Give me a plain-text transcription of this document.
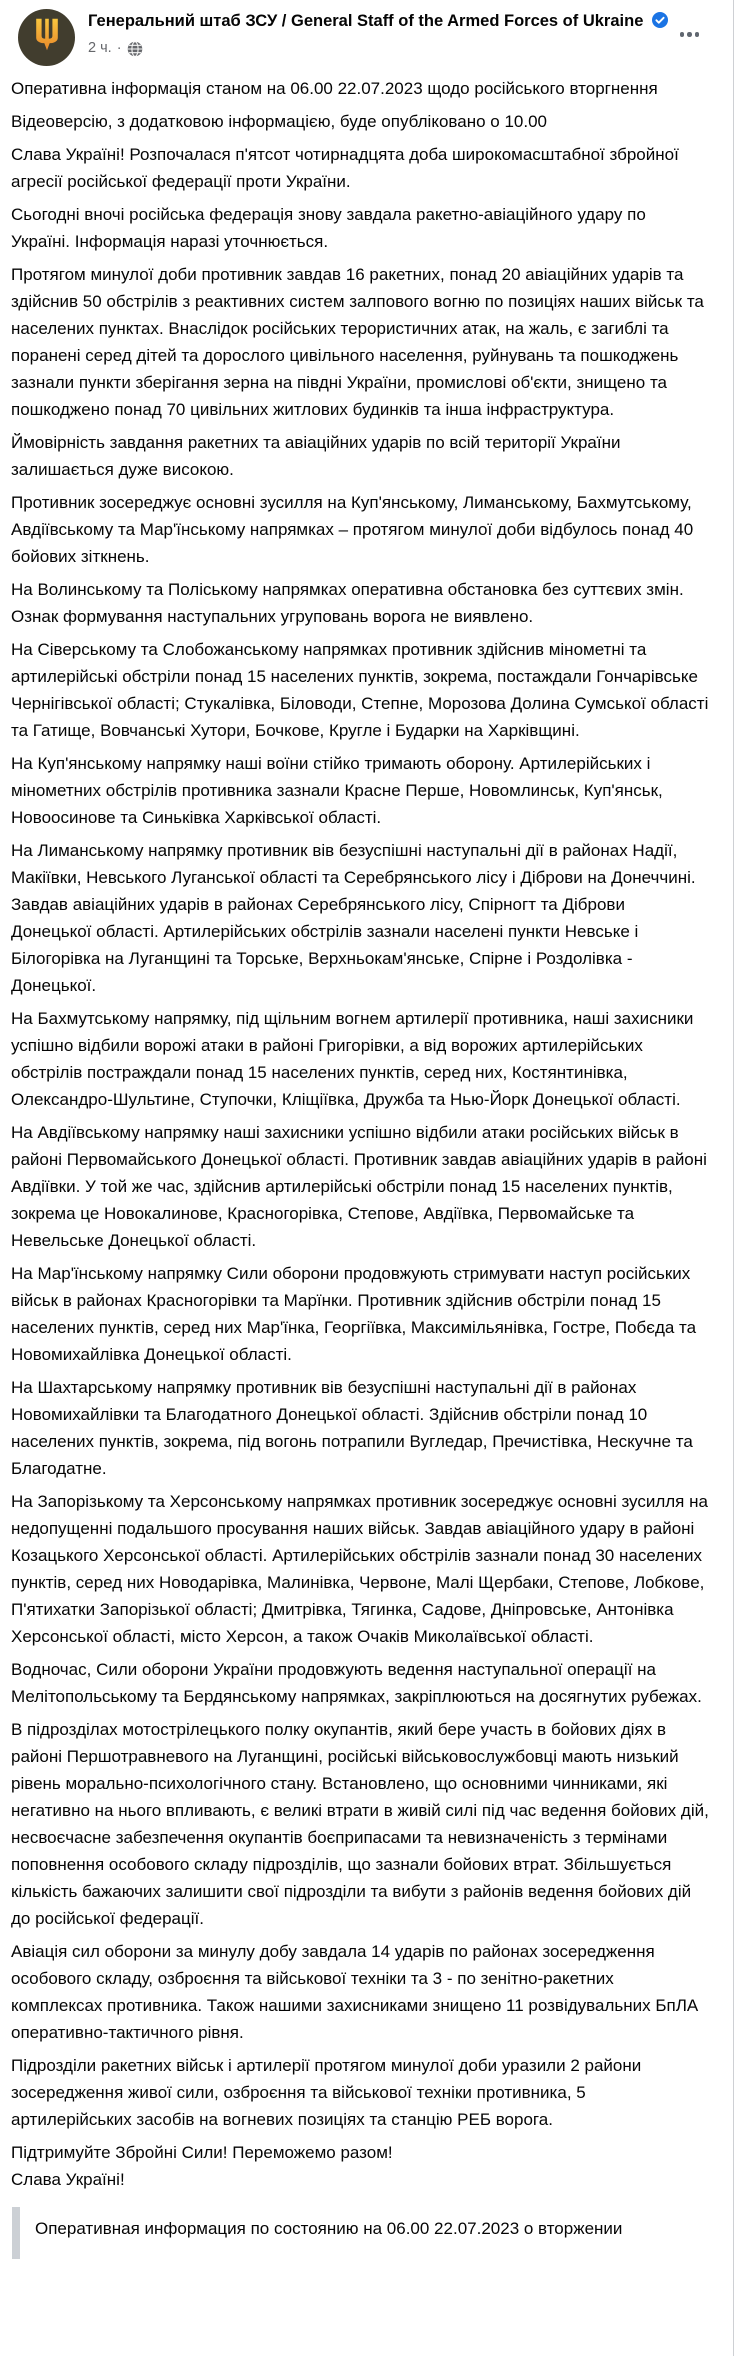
Генеральний штаб ЗСУ / General Staff of the Armed Forces of Ukraine
2 ч. ·

Оперативна інформація станом на 06.00 22.07.2023 щодо російського вторгнення

Відеоверсію, з додатковою інформацією, буде опубліковано о 10.00

Слава Україні! Розпочалася п'ятсот чотирнадцята доба широкомасштабної збройної агресії російської федерації проти України.

Сьогодні вночі російська федерація знову завдала ракетно-авіаційного удару по Україні. Інформація наразі уточнюється.

Протягом минулої доби противник завдав 16 ракетних, понад 20 авіаційних ударів та здійснив 50 обстрілів з реактивних систем залпового вогню по позиціях наших військ та населених пунктах. Внаслідок російських терористичних атак, на жаль, є загиблі та поранені серед дітей та дорослого цивільного населення, руйнувань та пошкоджень зазнали пункти зберігання зерна на півдні України, промислові об'єкти, знищено та пошкоджено понад 70 цивільних житлових будинків та інша інфраструктура.

Ймовірність завдання ракетних та авіаційних ударів по всій території України залишається дуже високою.

Противник зосереджує основні зусилля на Куп'янському, Лиманському, Бахмутському, Авдіївському та Мар'їнському напрямках – протягом минулої доби відбулось понад 40 бойових зіткнень.

На Волинському та Поліському напрямках оперативна обстановка без суттєвих змін. Ознак формування наступальних угруповань ворога не виявлено.

На Сіверському та Слобожанському напрямках противник здійснив мінометні та артилерійські обстріли понад 15 населених пунктів, зокрема, постаждали Гончарівське Чернігівської області; Стукалівка, Біловоди, Степне, Морозова Долина Сумської області та Гатище, Вовчанські Хутори, Бочкове, Кругле і Бударки на Харківщині.

На Куп'янському напрямку наші воїни стійко тримають оборону. Артилерійських і мінометних обстрілів противника зазнали Красне Перше, Новомлинськ, Куп'янськ, Новоосинове та Синьківка Харківської області.

На Лиманському напрямку противник вів безуспішні наступальні дії в районах Надії, Макіївки, Невського Луганської області та Серебрянського лісу і Діброви на Донеччині. Завдав авіаційних ударів в районах Серебрянського лісу, Спірногт та Діброви Донецької області. Артилерійських обстрілів зазнали населені пункти Невське і Білогорівка на Луганщині та Торське, Верхньокам'янське, Спірне і Роздолівка - Донецької.

На Бахмутському напрямку, під щільним вогнем артилерії противника, наші захисники успішно відбили ворожі атаки в районі Григорівки, а від ворожих артилерійських обстрілів постраждали понад 15 населених пунктів, серед них, Костянтинівка, Олександро-Шультине, Ступочки, Кліщіївка, Дружба та Нью-Йорк Донецької області.

На Авдіївському напрямку наші захисники успішно відбили атаки російських військ в районі Первомайського Донецької області. Противник завдав авіаційних ударів в районі Авдіївки. У той же час, здійснив артилерійські обстріли понад 15 населених пунктів, зокрема це Новокалинове, Красногорівка, Степове, Авдіївка, Первомайське та Невельське Донецької області.

На Мар'їнському напрямку Сили оборони продовжують стримувати наступ російських військ в районах Красногорівки та Марїнки. Противник здійснив обстріли понад 15 населених пунктів, серед них Мар'їнка, Георгіївка, Максимільянівка, Гостре, Побєда та Новомихайлівка Донецької області.

На Шахтарському напрямку противник вів безуспішні наступальні дії в районах Новомихайлівки та Благодатного Донецької області. Здійснив обстріли понад 10 населених пунктів, зокрема, під вогонь потрапили Вугледар, Пречистівка, Нескучне та Благодатне.

На Запорізькому та Херсонському напрямках противник зосереджує основні зусилля на недопущенні подальшого просування наших військ. Завдав авіаційного удару в районі Козацького Херсонської області. Артилерійських обстрілів зазнали понад 30 населених пунктів, серед них Новодарівка, Малинівка, Червоне, Малі Щербаки, Степове, Лобкове, П'ятихатки Запорізької області; Дмитрівка, Тягинка, Садове, Дніпровське, Антонівка Херсонської області, місто Херсон, а також Очаків Миколаївської області.

Водночас, Сили оборони України продовжують ведення наступальної операції на Мелітопольському та Бердянському напрямках, закріплюються на досягнутих рубежах.

В підрозділах мотострілецького полку окупантів, який бере участь в бойових діях в районі Першотравневого на Луганщині, російські військовослужбовці мають низький рівень морально-психологічного стану. Встановлено, що основними чинниками, які негативно на нього впливають, є великі втрати в живій силі під час ведення бойових дій, несвоєчасне забезпечення окупантів боєприпасами та невизначеність з термінами поповнення особового складу підрозділів, що зазнали бойових втрат. Збільшується кількість бажаючих залишити свої підрозділи та вибути з районів ведення бойових дій до російської федерації.

Авіація сил оборони за минулу добу завдала 14 ударів по районах зосередження особового складу, озброєння та військової техніки та 3 - по зенітно-ракетних комплексах противника. Також нашими захисниками знищено 11 розвідувальних БпЛА оперативно-тактичного рівня.

Підрозділи ракетних військ і артилерії протягом минулої доби уразили 2 райони зосередження живої сили, озброєння та військової техніки противника, 5 артилерійських засобів на вогневих позиціях та станцію РЕБ ворога.

Підтримуйте Збройні Сили! Переможемо разом!
Слава Україні!

Оперативная информация по состоянию на 06.00 22.07.2023 о вторжении
